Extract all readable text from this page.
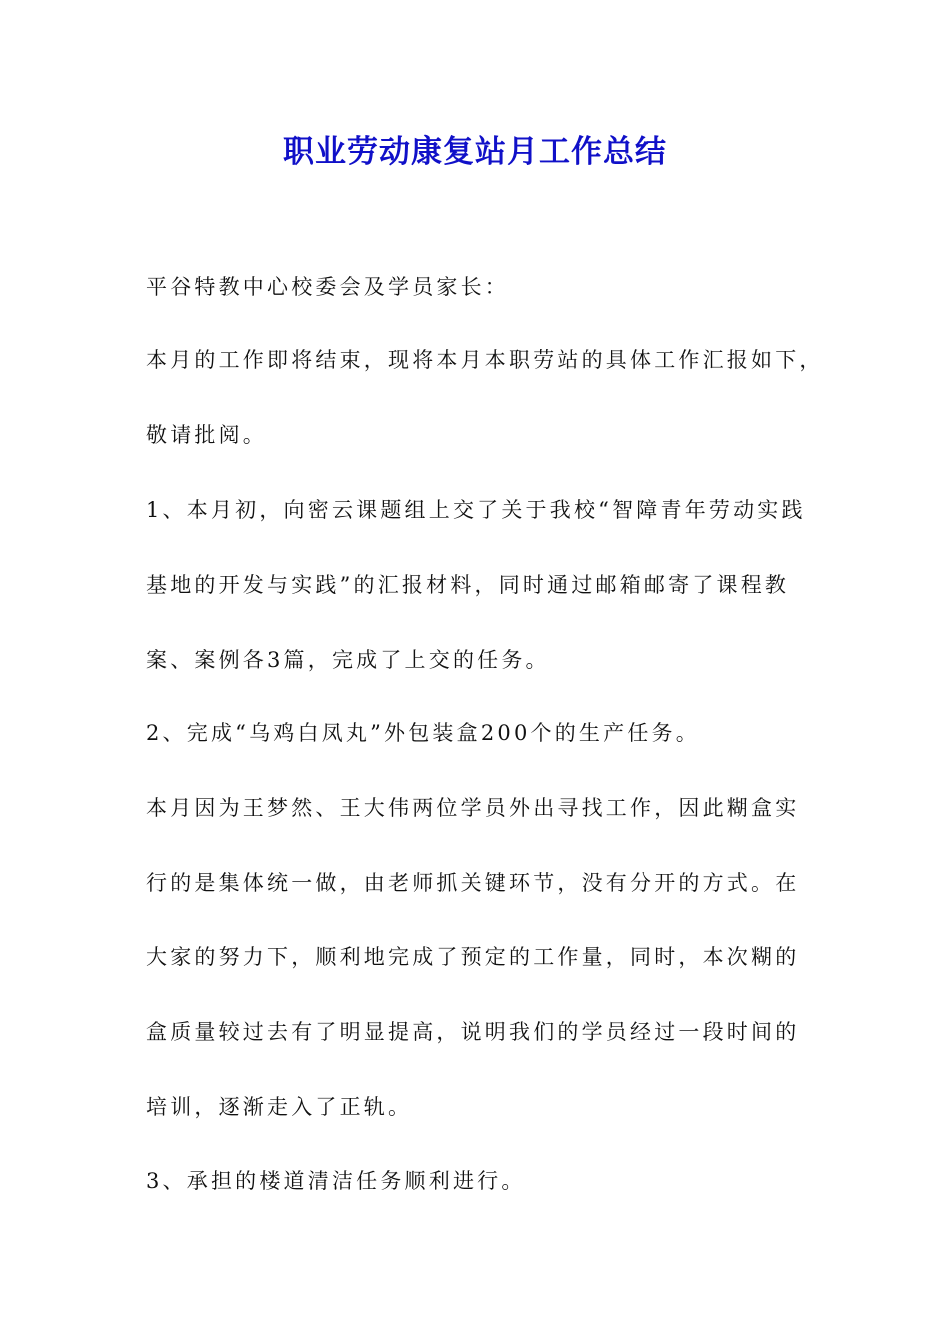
职业劳动康复站月工作总结

平谷特教中心校委会及学员家长：

本月的工作即将结束，现将本月本职劳站的具体工作汇报如下，

敬请批阅。

1、本月初，向密云课题组上交了关于我校“智障青年劳动实践

基地的开发与实践”的汇报材料，同时通过邮箱邮寄了课程教

案、案例各3篇，完成了上交的任务。

2、完成“乌鸡白凤丸”外包装盒200个的生产任务。

本月因为王梦然、王大伟两位学员外出寻找工作，因此糊盒实

行的是集体统一做，由老师抓关键环节，没有分开的方式。在

大家的努力下，顺利地完成了预定的工作量，同时，本次糊的

盒质量较过去有了明显提高，说明我们的学员经过一段时间的

培训，逐渐走入了正轨。

3、承担的楼道清洁任务顺利进行。
